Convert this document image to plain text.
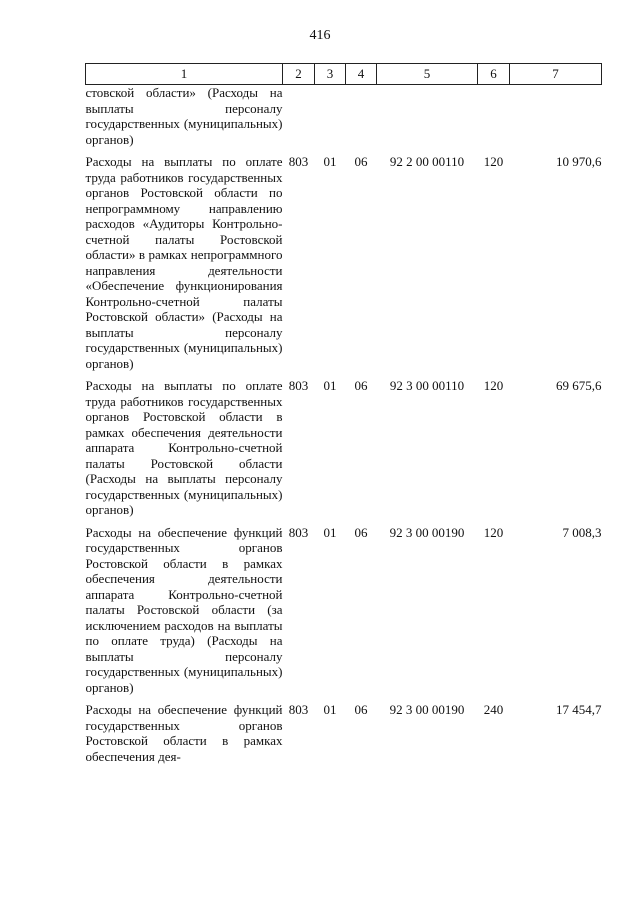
416
1	2	3	4	5	6	7
стовской области» (Расходы на выплаты персоналу государственных (муниципальных) органов)						
Расходы на выплаты по оплате труда работников государственных органов Ростовской области по непрограммному направлению расходов «Аудиторы Контрольно-счетной палаты Ростовской области» в рамках непрограммного направления деятельности «Обеспечение функционирования Контрольно-счетной палаты Ростовской области» (Расходы на выплаты персоналу государственных (муниципальных) органов)	803	01	06	92 2 00 00110	120	10 970,6
Расходы на выплаты по оплате труда работников государственных органов Ростовской области в рамках обеспечения деятельности аппарата Контрольно-счетной палаты Ростовской области (Расходы на выплаты персоналу государственных (муниципальных) органов)	803	01	06	92 3 00 00110	120	69 675,6
Расходы на обеспечение функций государственных органов Ростовской области в рамках обеспечения деятельности аппарата Контрольно-счетной палаты Ростовской области (за исключением расходов на выплаты по оплате труда) (Расходы на выплаты персоналу государственных (муниципальных) органов)	803	01	06	92 3 00 00190	120	7 008,3
Расходы на обеспечение функций государственных органов Ростовской области в рамках обеспечения дея-	803	01	06	92 3 00 00190	240	17 454,7
